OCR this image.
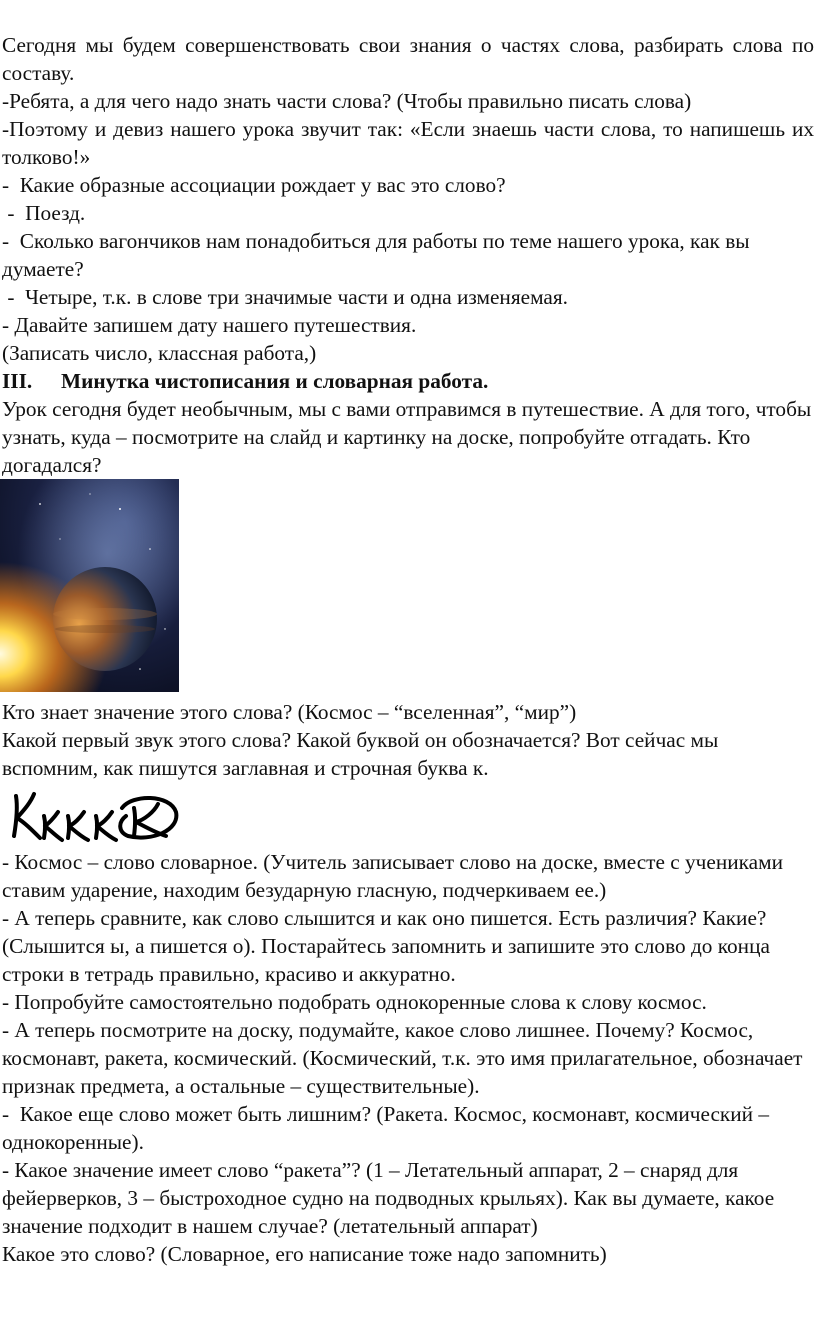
Сегодня мы будем совершенствовать свои знания о частях слова, разбирать слова по составу.

-Ребята, а для чего надо знать части слова? (Чтобы правильно писать слова)

-Поэтому и девиз нашего урока звучит так: «Если знаешь части слова, то напишешь их толково!»

-  Какие образные ассоциации рождает у вас это слово?

-  Поезд.

-  Сколько вагончиков нам понадобиться для работы по теме нашего урока, как вы думаете?

-  Четыре, т.к. в слове три значимые части и одна изменяемая.

- Давайте запишем дату нашего путешествия.

(Записать число, классная работа,)

III. Минутка чистописания и словарная работа.

Урок сегодня будет необычным, мы с вами отправимся в путешествие. А для того, чтобы узнать, куда – посмотрите на слайд и картинку на доске, попробуйте отгадать. Кто догадался?

Кто знает значение этого слова? (Космос – “вселенная”, “мир”)

Какой первый звук этого слова? Какой буквой он обозначается? Вот сейчас мы вспомним, как пишутся заглавная и строчная буква к.

- Космос – слово словарное. (Учитель записывает слово на доске, вместе с учениками ставим ударение, находим безударную гласную, подчеркиваем ее.)

- А теперь сравните, как слово слышится и как оно пишется. Есть различия? Какие? (Слышится ы, а пишется о). Постарайтесь запомнить и запишите это слово до конца строки в тетрадь правильно, красиво и аккуратно.

- Попробуйте самостоятельно подобрать однокоренные слова к слову космос.

- А теперь посмотрите на доску, подумайте, какое слово лишнее. Почему? Космос, космонавт, ракета, космический. (Космический, т.к. это имя прилагательное, обозначает признак предмета, а остальные – существительные).

-  Какое еще слово может быть лишним? (Ракета. Космос, космонавт, космический – однокоренные).

- Какое значение имеет слово “ракета”? (1 – Летательный аппарат, 2 – снаряд для фейерверков, 3 – быстроходное судно на подводных крыльях). Как вы думаете, какое значение подходит в нашем случае? (летательный аппарат)

Какое это слово? (Словарное, его написание тоже надо запомнить)
